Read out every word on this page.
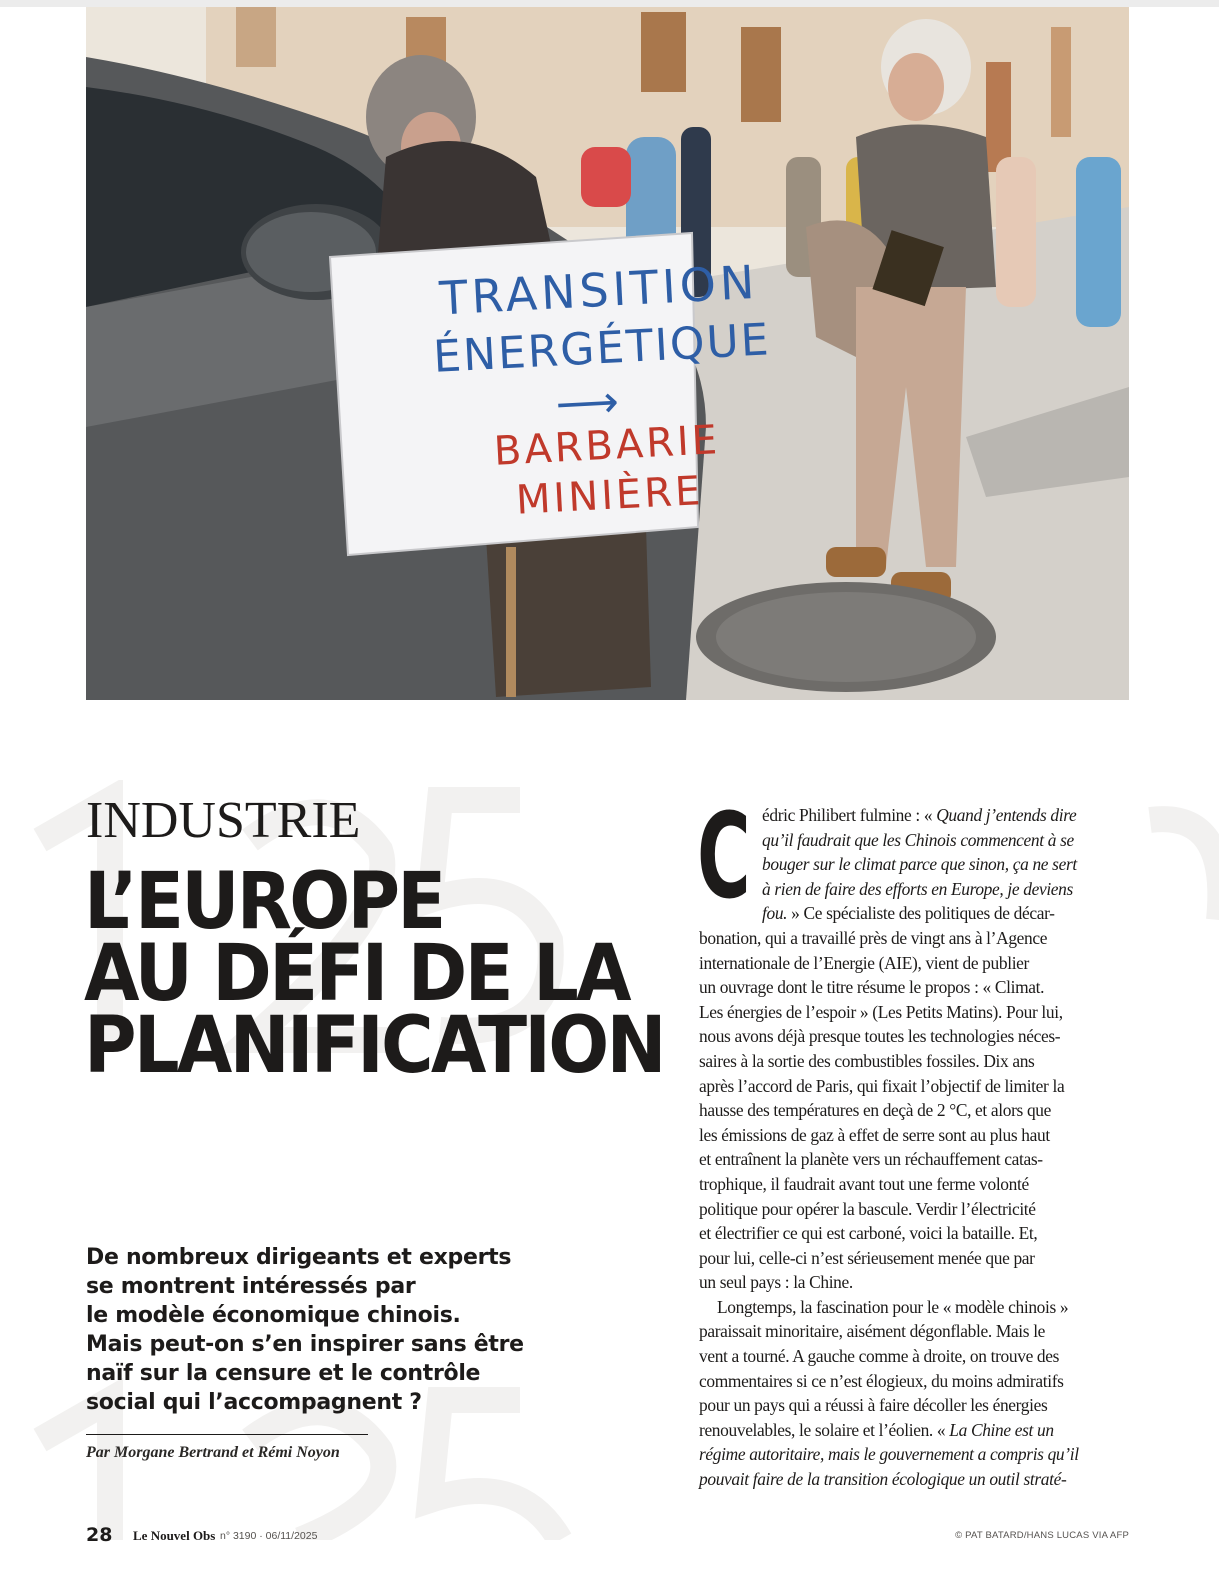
TRANSITION
ÉNERGÉTIQUE
⟶
BARBARIE
MINIÈRE
INDUSTRIE
L’EUROPE
AU DÉFI DE LA
PLANIFICATION

De nombreux dirigeants et experts
se montrent intéressés par
le modèle économique chinois.
Mais peut-on s’en inspirer sans être
naïf sur la censure et le contrôle
social qui l’accompagnent ?

Par Morgane Bertrand et Rémi Noyon

C édric Philibert fulmine : « Quand j’entends dire
qu’il faudrait que les Chinois commencent à se
bouger sur le climat parce que sinon, ça ne sert
à rien de faire des efforts en Europe, je deviens
fou. » Ce spécialiste des politiques de décar-
bonation, qui a travaillé près de vingt ans à l’Agence
internationale de l’Energie (AIE), vient de publier
un ouvrage dont le titre résume le propos : « Climat.
Les énergies de l’espoir » (Les Petits Matins). Pour lui,
nous avons déjà presque toutes les technologies néces-
saires à la sortie des combustibles fossiles. Dix ans
après l’accord de Paris, qui fixait l’objectif de limiter la
hausse des températures en deçà de 2 °C, et alors que
les émissions de gaz à effet de serre sont au plus haut
et entraînent la planète vers un réchauffement catas-
trophique, il faudrait avant tout une ferme volonté
politique pour opérer la bascule. Verdir l’électricité
et électrifier ce qui est carboné, voici la bataille. Et,
pour lui, celle-ci n’est sérieusement menée que par
un seul pays : la Chine.
Longtemps, la fascination pour le « modèle chinois »
paraissait minoritaire, aisément dégonflable. Mais le
vent a tourné. A gauche comme à droite, on trouve des
commentaires si ce n’est élogieux, du moins admiratifs
pour un pays qui a réussi à faire décoller les énergies
renouvelables, le solaire et l’éolien. « La Chine est un
régime autoritaire, mais le gouvernement a compris qu’il
pouvait faire de la transition écologique un outil straté-

28 Le Nouvel Obs n° 3190 · 06/11/2025	© PAT BATARD/HANS LUCAS VIA AFP
